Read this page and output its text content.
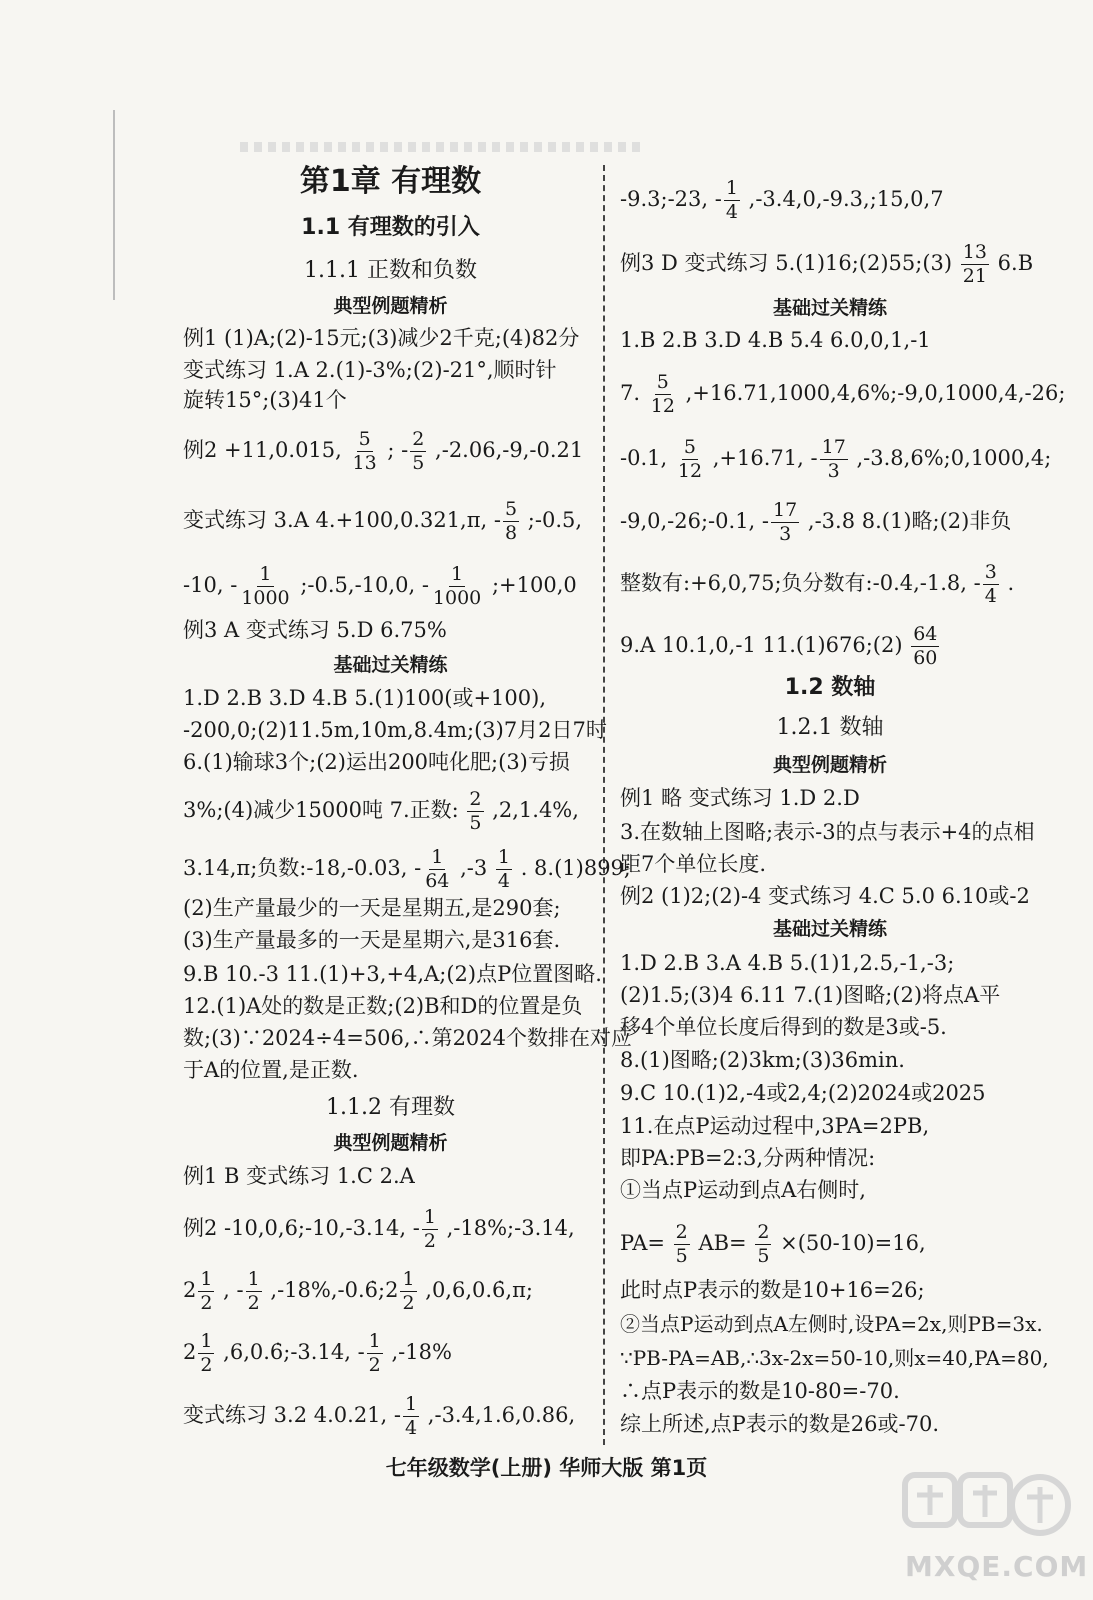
第1章 有理数
1.1 有理数的引入
1.1.1 正数和负数
典型例题精析
例1 (1)A;(2)-15元;(3)减少2千克;(4)82分
变式练习 1.A 2.(1)-3%;(2)-21°,顺时针
旋转15°;(3)41个
例2 +11,0.015, $\frac{5}{13}$ ; - $\frac{2}{5} ,-2.06,-9,-0.21$
变式练习 3.A 4.+100,0.321,π, - $\frac{5}{8}$ ;-0.5,
-10, - $\frac{1}{1000}$ ;-0.5,-10,0, - $\frac{1}{1000}$ ;+100,0
例3 A 变式练习 5.D 6.75%
基础过关精练
1.D 2.B 3.D 4.B 5.(1)100(或+100),
-200,0;(2)11.5m,10m,8.4m;(3)7月2日7时
6.(1)输球3个;(2)运出200吨化肥;(3)亏损
3%;(4)减少15000吨 7.正数: $\frac{2}{5} ,2,1.4\%$,
3.14,π;负数:-18,-0.03, - $\frac{1}{64} ,-3 \frac{1}{4}$ . 8.(1)899;
(2)生产量最少的一天是星期五,是290套;
(3)生产量最多的一天是星期六,是316套.
9.B 10.-3 11.(1)+3,+4,A;(2)点P位置图略.
12.(1)A处的数是正数;(2)B和D的位置是负
数;(3)∵2024÷4=506,∴第2024个数排在对应
于A的位置,是正数.
1.1.2 有理数
典型例题精析
例1 B 变式练习 1.C 2.A
例2 -10,0,6;-10,-3.14, - $\frac{1}{2}$ ,-18%;-3.14,
$2 \frac{1}{2}$ , - $\frac{1}{2}$ ,-18%,-0.6̇;2 $\frac{1}{2}$ ,0,6,0.6̇,π;
$2 \frac{1}{2}$ ,6,0.6̇;-3.14, - $\frac{1}{2} ,-18\%$
变式练习 3.2 4.0.21, - $\frac{1}{4} ,-3.4,1.6,0.86$,
-9.3;-23, - $\frac{1}{4}$ ,-3.4,0,-9.3,;15,0,7
例3 D 变式练习 5.(1)16;(2)55;(3) $\frac{13}{21} 6.B$
基础过关精练
1.B 2.B 3.D 4.B 5.4 6.0,0,1,-1
7. $\frac{5}{12}$ ,+16.71,1000,4,6%;-9,0,1000,4,-26;
-0.1, $\frac{5}{12} ,+16.71$, - $\frac{17}{3}$ ,-3.8,6%;0,1000,4;
-9,0,-26;-0.1, - $\frac{17}{3} ,-3.8$ 8.(1)略;(2)非负
整数有:+6,0,75;负分数有:-0.4,-1.8, - $\frac{3}{4}$ .
9.A 10.1,0,-1 11.(1)676;(2) $\frac{64}{60}$
1.2 数轴
1.2.1 数轴
典型例题精析
例1 略 变式练习 1.D 2.D
3.在数轴上图略;表示-3的点与表示+4的点相
距7个单位长度.
例2 (1)2;(2)-4 变式练习 4.C 5.0 6.10或-2
基础过关精练
1.D 2.B 3.A 4.B 5.(1)1,2.5,-1,-3;
(2)1.5;(3)4 6.11 7.(1)图略;(2)将点A平
移4个单位长度后得到的数是3或-5.
8.(1)图略;(2)3km;(3)36min.
9.C 10.(1)2,-4或2,4;(2)2024或2025
11.在点P运动过程中,3PA=2PB,
即PA:PB=2:3,分两种情况:
①当点P运动到点A右侧时,
$PA= \frac{2}{5} AB= \frac{2}{5} \times(50-10)=16$,
此时点P表示的数是10+16=26;
②当点P运动到点A左侧时,设PA=2x,则PB=3x.
∵PB-PA=AB,∴3x-2x=50-10,则x=40,PA=80,
∴点P表示的数是10-80=-70.
综上所述,点P表示的数是26或-70.
七年级数学(上册) 华师大版 第1页
MXQE.COM
